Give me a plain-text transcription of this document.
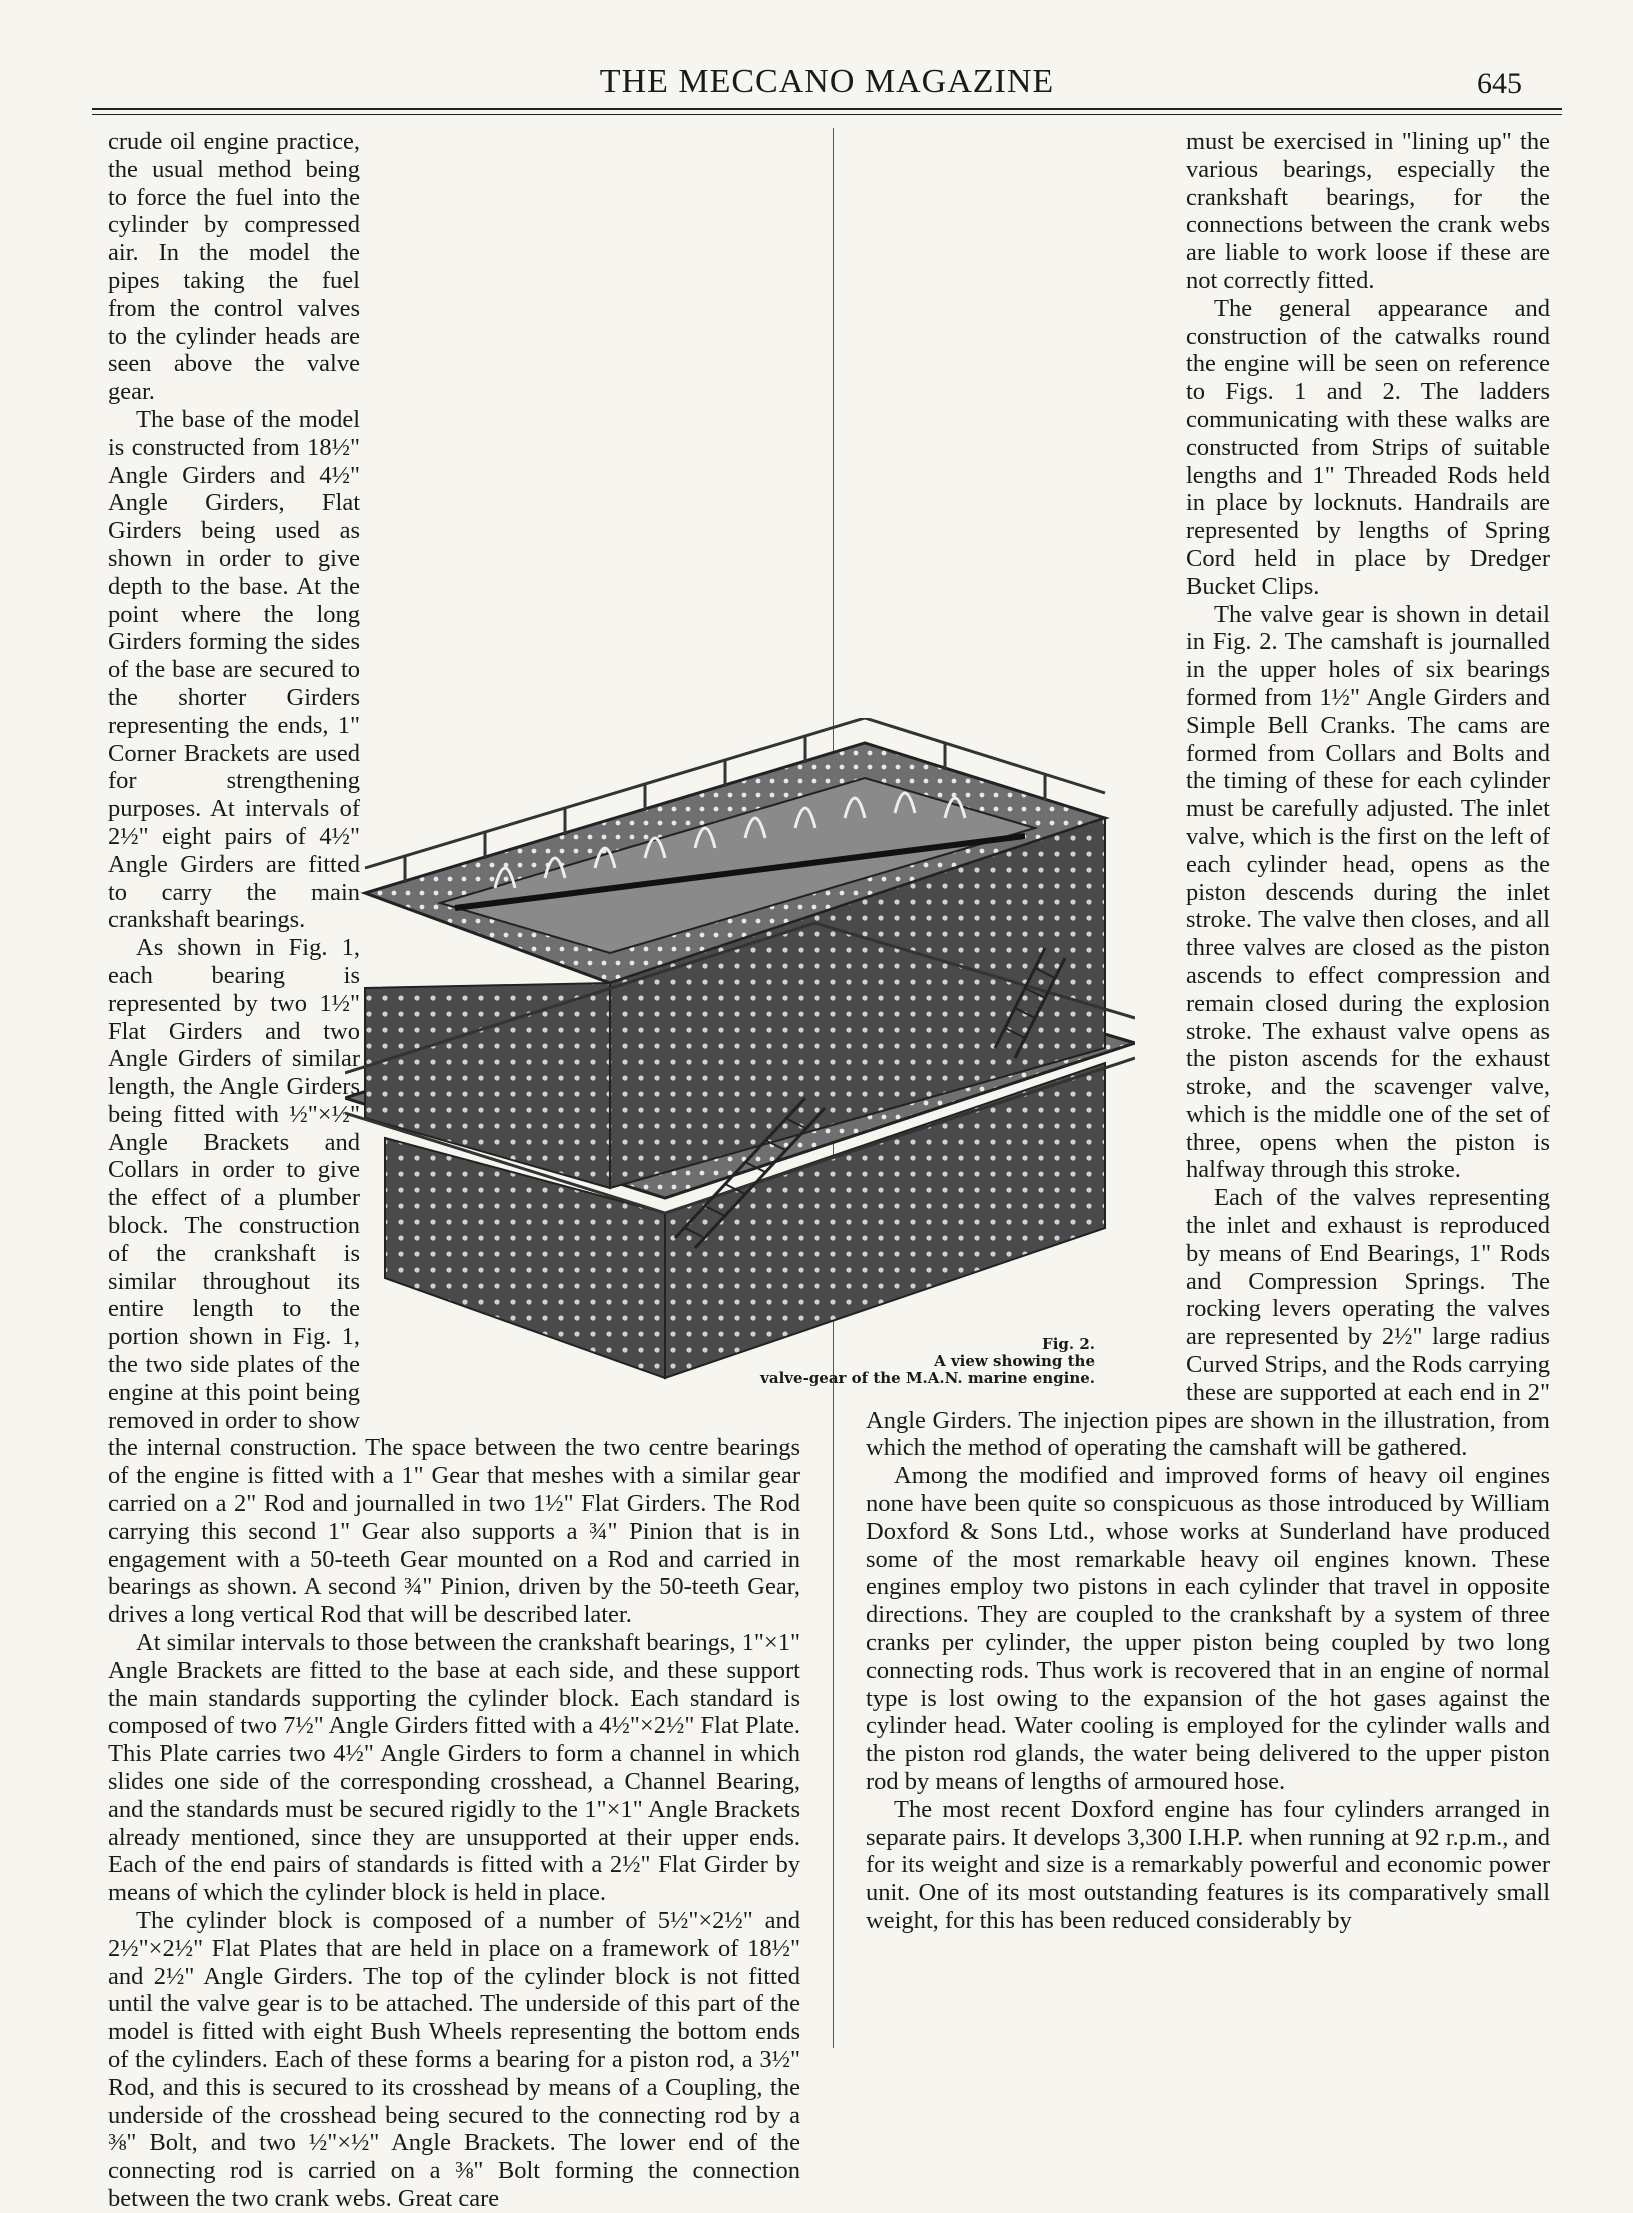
THE MECCANO MAGAZINE	645

crude oil engine practice, the usual method being to force the fuel into the cylinder by compressed air. In the model the pipes taking the fuel from the control valves to the cylinder heads are seen above the valve gear.

The base of the model is constructed from 18½" Angle Girders and 4½" Angle Girders, Flat Girders being used as shown in order to give depth to the base. At the point where the long Girders forming the sides of the base are secured to the shorter Girders representing the ends, 1" Corner Brackets are used for strengthening purposes. At intervals of 2½" eight pairs of 4½" Angle Girders are fitted to carry the main crankshaft bearings.

As shown in Fig. 1, each bearing is represented by two 1½" Flat Girders and two Angle Girders of similar length, the Angle Girders being fitted with ½"×½" Angle Brackets and Collars in order to give the effect of a plumber block. The construction of the crankshaft is similar throughout its entire length to the portion shown in Fig. 1, the two side plates of the engine at this point being removed in order to show the internal construction. The space between the two centre bearings of the engine is fitted with a 1" Gear that meshes with a similar gear carried on a 2" Rod and journalled in two 1½" Flat Girders. The Rod carrying this second 1" Gear also supports a ¾" Pinion that is in engagement with a 50-teeth Gear mounted on a Rod and carried in bearings as shown. A second ¾" Pinion, driven by the 50-teeth Gear, drives a long vertical Rod that will be described later.

At similar intervals to those between the crankshaft bearings, 1"×1" Angle Brackets are fitted to the base at each side, and these support the main standards supporting the cylinder block. Each standard is composed of two 7½" Angle Girders fitted with a 4½"×2½" Flat Plate. This Plate carries two 4½" Angle Girders to form a channel in which slides one side of the corresponding crosshead, a Channel Bearing, and the standards must be secured rigidly to the 1"×1" Angle Brackets already mentioned, since they are unsupported at their upper ends. Each of the end pairs of standards is fitted with a 2½" Flat Girder by means of which the cylinder block is held in place.

The cylinder block is composed of a number of 5½"×2½" and 2½"×2½" Flat Plates that are held in place on a framework of 18½" and 2½" Angle Girders. The top of the cylinder block is not fitted until the valve gear is to be attached. The underside of this part of the model is fitted with eight Bush Wheels representing the bottom ends of the cylinders. Each of these forms a bearing for a piston rod, a 3½" Rod, and this is secured to its crosshead by means of a Coupling, the underside of the crosshead being secured to the connecting rod by a ⅜" Bolt, and two ½"×½" Angle Brackets. The lower end of the connecting rod is carried on a ⅜" Bolt forming the connection between the two crank webs. Great care

must be exercised in "lining up" the various bearings, especially the crankshaft bearings, for the connections between the crank webs are liable to work loose if these are not correctly fitted.

The general appearance and construction of the catwalks round the engine will be seen on reference to Figs. 1 and 2. The ladders communicating with these walks are constructed from Strips of suitable lengths and 1" Threaded Rods held in place by locknuts. Handrails are represented by lengths of Spring Cord held in place by Dredger Bucket Clips.

The valve gear is shown in detail in Fig. 2. The camshaft is journalled in the upper holes of six bearings formed from 1½" Angle Girders and Simple Bell Cranks. The cams are formed from Collars and Bolts and the timing of these for each cylinder must be carefully adjusted. The inlet valve, which is the first on the left of each cylinder head, opens as the piston descends during the inlet stroke. The valve then closes, and all three valves are closed as the piston ascends to effect compression and remain closed during the explosion stroke. The exhaust valve opens as the piston ascends for the exhaust stroke, and the scavenger valve, which is the middle one of the set of three, opens when the piston is halfway through this stroke.

Each of the valves representing the inlet and exhaust is reproduced by means of End Bearings, 1" Rods and Compression Springs. The rocking levers operating the valves are represented by 2½" large radius Curved Strips, and the Rods carrying these are supported at each end in 2" Angle Girders. The injection pipes are shown in the illustration, from which the method of operating the camshaft will be gathered.

Among the modified and improved forms of heavy oil engines none have been quite so conspicuous as those introduced by William Doxford & Sons Ltd., whose works at Sunderland have produced some of the most remarkable heavy oil engines known. These engines employ two pistons in each cylinder that travel in opposite directions. They are coupled to the crankshaft by a system of three cranks per cylinder, the upper piston being coupled by two long connecting rods. Thus work is recovered that in an engine of normal type is lost owing to the expansion of the hot gases against the cylinder head. Water cooling is employed for the cylinder walls and the piston rod glands, the water being delivered to the upper piston rod by means of lengths of armoured hose.

The most recent Doxford engine has four cylinders arranged in separate pairs. It develops 3,300 I.H.P. when running at 92 r.p.m., and for its weight and size is a remarkably powerful and economic power unit. One of its most outstanding features is its comparatively small weight, for this has been reduced considerably by

Fig. 2.
A view showing the
valve-gear of the M.A.N. marine engine.
